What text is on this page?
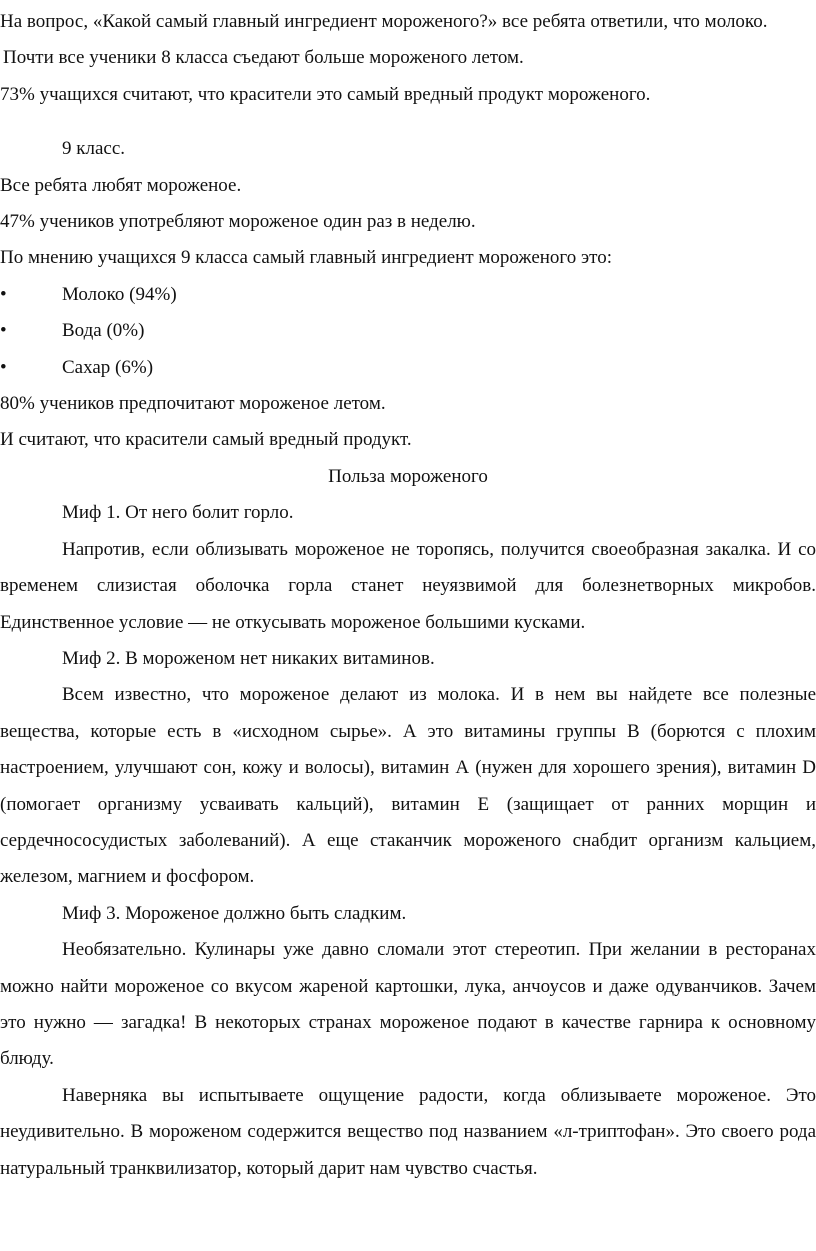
На вопрос, «Какой самый главный ингредиент мороженого?» все ребята ответили, что молоко.
Почти все ученики 8 класса съедают больше мороженого летом.
73% учащихся считают, что красители это самый вредный продукт мороженого.
9 класс.
Все ребята любят мороженое.
47% учеников употребляют мороженое один раз в неделю.
По мнению учащихся 9 класса самый главный ингредиент мороженого это:
•	Молоко (94%)
•	Вода (0%)
•	Сахар (6%)
80% учеников предпочитают мороженое летом.
И считают, что красители самый вредный продукт.
Польза мороженого
Миф 1. От него болит горло.
Напротив, если облизывать мороженое не торопясь, получится своеобразная закалка. И со временем слизистая оболочка горла станет неуязвимой для болезнетворных микробов. Единственное условие — не откусывать мороженое большими кусками.
Миф 2. В мороженом нет никаких витаминов.
Всем известно, что мороженое делают из молока. И в нем вы найдете все полезные вещества, которые есть в «исходном сырье». А это витамины группы B (борются с плохим настроением, улучшают сон, кожу и волосы), витамин А (нужен для хорошего зрения), витамин D (помогает организму усваивать кальций), витамин Е (защищает от ранних морщин и сердечнососудистых заболеваний). А еще стаканчик мороженого снабдит организм кальцием, железом, магнием и фосфором.
Миф 3. Мороженое должно быть сладким.
Необязательно. Кулинары уже давно сломали этот стереотип. При желании в ресторанах можно найти мороженое со вкусом жареной картошки, лука, анчоусов и даже одуванчиков. Зачем это нужно — загадка! В некоторых странах мороженое подают в качестве гарнира к основному блюду.
Наверняка вы испытываете ощущение радости, когда облизываете мороженое. Это неудивительно. В мороженом содержится вещество под названием «л-триптофан». Это своего рода натуральный транквилизатор, который дарит нам чувство счастья.
